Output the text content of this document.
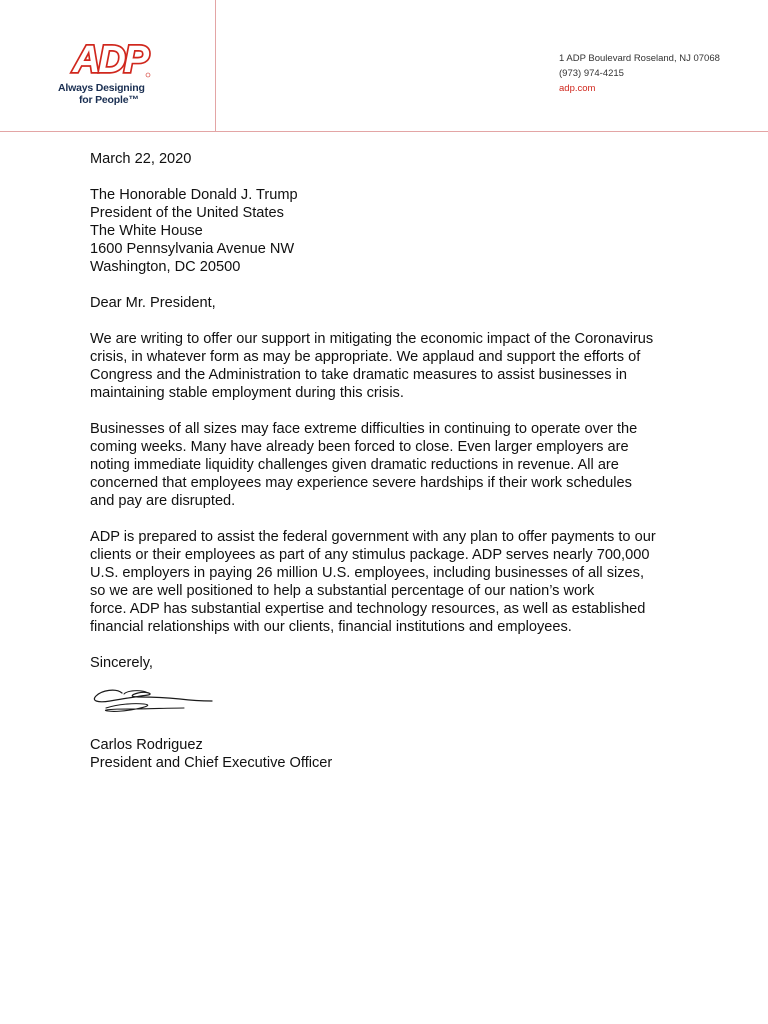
ADP
Always Designing
for People™
1 ADP Boulevard Roseland, NJ 07068
(973) 974-4215
adp.com

March 22, 2020

The Honorable Donald J. Trump
President of the United States
The White House
1600 Pennsylvania Avenue NW
Washington, DC 20500

Dear Mr. President,

We are writing to offer our support in mitigating the economic impact of the Coronavirus
crisis, in whatever form as may be appropriate. We applaud and support the efforts of
Congress and the Administration to take dramatic measures to assist businesses in
maintaining stable employment during this crisis.

Businesses of all sizes may face extreme difficulties in continuing to operate over the
coming weeks. Many have already been forced to close. Even larger employers are
noting immediate liquidity challenges given dramatic reductions in revenue. All are
concerned that employees may experience severe hardships if their work schedules
and pay are disrupted.

ADP is prepared to assist the federal government with any plan to offer payments to our
clients or their employees as part of any stimulus package. ADP serves nearly 700,000
U.S. employers in paying 26 million U.S. employees, including businesses of all sizes,
so we are well positioned to help a substantial percentage of our nation’s work
force. ADP has substantial expertise and technology resources, as well as established
financial relationships with our clients, financial institutions and employees.

Sincerely,

Carlos Rodriguez
President and Chief Executive Officer
